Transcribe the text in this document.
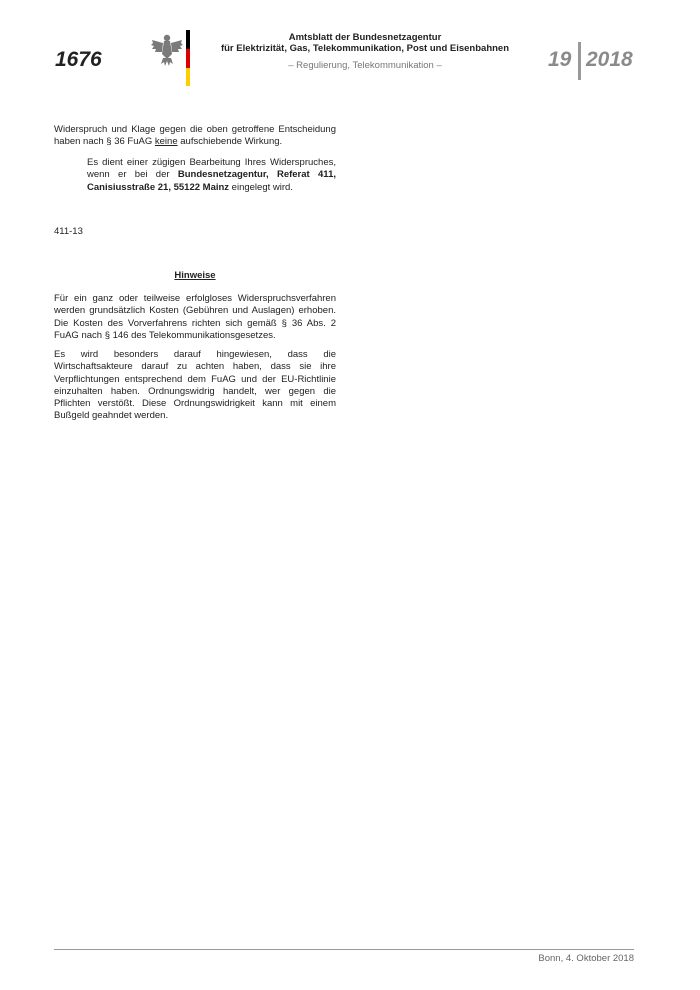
1676
Amtsblatt der Bundesnetzagentur
für Elektrizität, Gas, Telekommunikation, Post und Eisenbahnen
– Regulierung, Telekommunikation –	19 2018

Widerspruch und Klage gegen die oben getroffene Entscheidung haben nach § 36 FuAG keine aufschiebende Wirkung.

Es dient einer zügigen Bearbeitung Ihres Widerspruches, wenn er bei der Bundesnetzagentur, Referat 411, Canisiusstraße 21, 55122 Mainz eingelegt wird.

411-13

Hinweise

Für ein ganz oder teilweise erfolgloses Widerspruchsverfahren werden grundsätzlich Kosten (Gebühren und Auslagen) erhoben. Die Kosten des Vorverfahrens richten sich gemäß § 36 Abs. 2 FuAG nach § 146 des Telekommunikationsgesetzes.

Es wird besonders darauf hingewiesen, dass die Wirtschaftsakteure darauf zu achten haben, dass sie ihre Verpflichtungen entsprechend dem FuAG und der EU-Richtlinie einzuhalten haben. Ordnungswidrig handelt, wer gegen die Pflichten verstößt. Diese Ordnungswidrigkeit kann mit einem Bußgeld geahndet werden.

Bonn, 4. Oktober 2018
